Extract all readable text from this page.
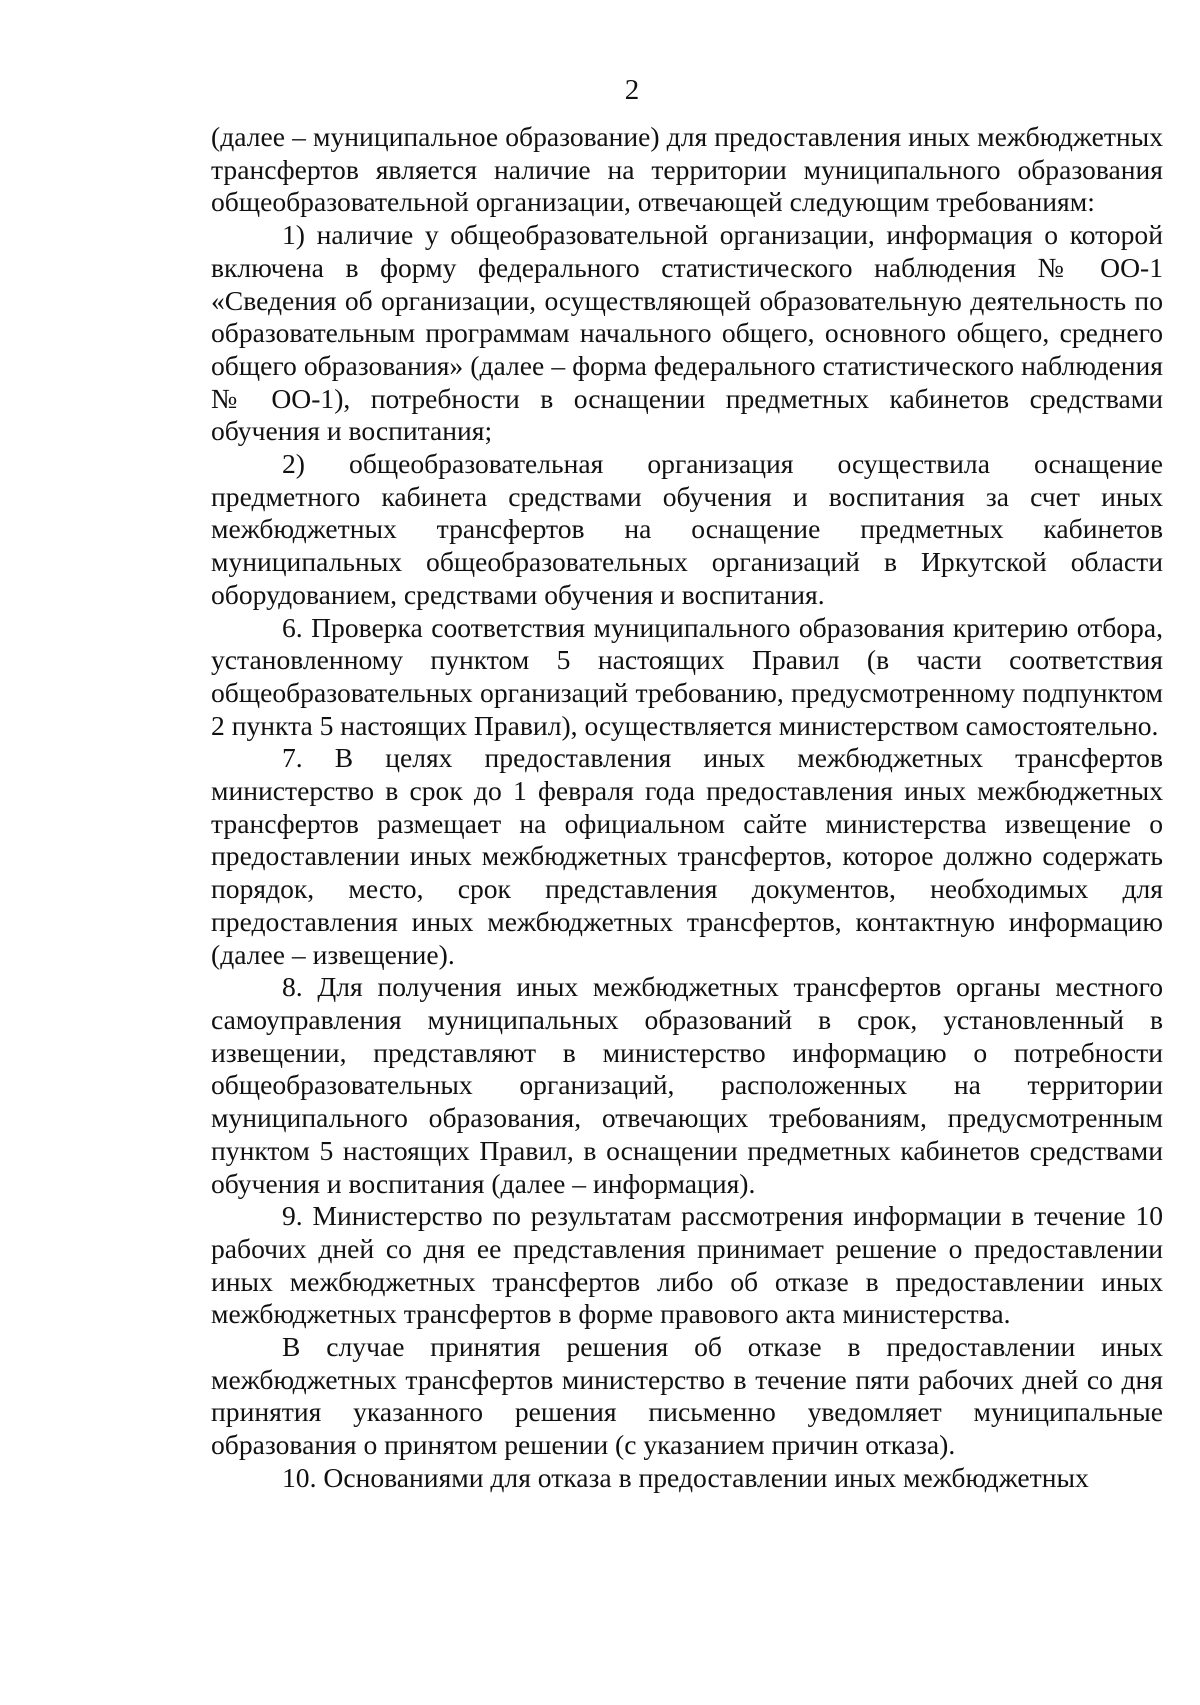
2

(далее – муниципальное образование) для предоставления иных межбюджетных трансфертов является наличие на территории муниципального образования общеобразовательной организации, отвечающей следующим требованиям:

1) наличие у общеобразовательной организации, информация о которой включена в форму федерального статистического наблюдения № ОО-1 «Сведения об организации, осуществляющей образовательную деятельность по образовательным программам начального общего, основного общего, среднего общего образования» (далее – форма федерального статистического наблюдения № ОО-1), потребности в оснащении предметных кабинетов средствами обучения и воспитания;

2) общеобразовательная организация осуществила оснащение предметного кабинета средствами обучения и воспитания за счет иных межбюджетных трансфертов на оснащение предметных кабинетов муниципальных общеобразовательных организаций в Иркутской области оборудованием, средствами обучения и воспитания.

6. Проверка соответствия муниципального образования критерию отбора, установленному пунктом 5 настоящих Правил (в части соответствия общеобразовательных организаций требованию, предусмотренному подпунктом 2 пункта 5 настоящих Правил), осуществляется министерством самостоятельно.

7. В целях предоставления иных межбюджетных трансфертов министерство в срок до 1 февраля года предоставления иных межбюджетных трансфертов размещает на официальном сайте министерства извещение о предоставлении иных межбюджетных трансфертов, которое должно содержать порядок, место, срок представления документов, необходимых для предоставления иных межбюджетных трансфертов, контактную информацию (далее – извещение).

8. Для получения иных межбюджетных трансфертов органы местного самоуправления муниципальных образований в срок, установленный в извещении, представляют в министерство информацию о потребности общеобразовательных организаций, расположенных на территории муниципального образования, отвечающих требованиям, предусмотренным пунктом 5 настоящих Правил, в оснащении предметных кабинетов средствами обучения и воспитания (далее – информация).

9. Министерство по результатам рассмотрения информации в течение 10 рабочих дней со дня ее представления принимает решение о предоставлении иных межбюджетных трансфертов либо об отказе в предоставлении иных межбюджетных трансфертов в форме правового акта министерства.

В случае принятия решения об отказе в предоставлении иных межбюджетных трансфертов министерство в течение пяти рабочих дней со дня принятия указанного решения письменно уведомляет муниципальные образования о принятом решении (с указанием причин отказа).

10. Основаниями для отказа в предоставлении иных межбюджетных
